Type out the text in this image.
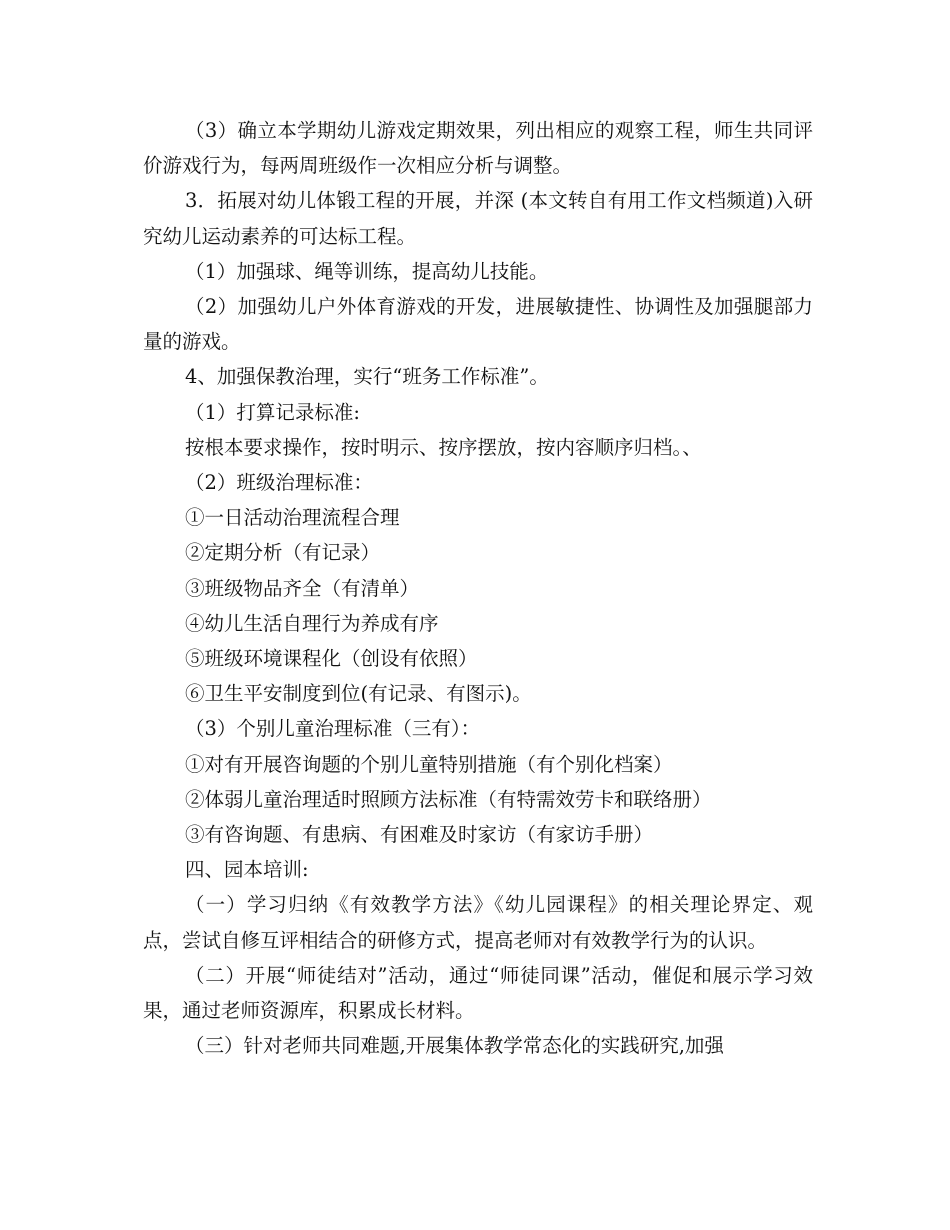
（3）确立本学期幼儿游戏定期效果，列出相应的观察工程，师生共同评价游戏行为，每两周班级作一次相应分析与调整。

3．拓展对幼儿体锻工程的开展，并深 (本文转自有用工作文档频道)入研究幼儿运动素养的可达标工程。

（1）加强球、绳等训练，提高幼儿技能。

（2）加强幼儿户外体育游戏的开发，进展敏捷性、协调性及加强腿部力量的游戏。

4、加强保教治理，实行“班务工作标准”。

（1）打算记录标准:

按根本要求操作，按时明示、按序摆放，按内容顺序归档。、

（2）班级治理标准：

①一日活动治理流程合理

②定期分析（有记录）

③班级物品齐全（有清单）

④幼儿生活自理行为养成有序

⑤班级环境课程化（创设有依照）

⑥卫生平安制度到位(有记录、有图示)。

（3）个别儿童治理标准（三有）：

①对有开展咨询题的个别儿童特别措施（有个别化档案）

②体弱儿童治理适时照顾方法标准（有特需效劳卡和联络册）

③有咨询题、有患病、有困难及时家访（有家访手册）

四、园本培训:

（一）学习归纳《有效教学方法》《幼儿园课程》的相关理论界定、观点，尝试自修互评相结合的研修方式，提高老师对有效教学行为的认识。

（二）开展“师徒结对”活动，通过“师徒同课”活动，催促和展示学习效果，通过老师资源库，积累成长材料。

（三）针对老师共同难题,开展集体教学常态化的实践研究,加强
